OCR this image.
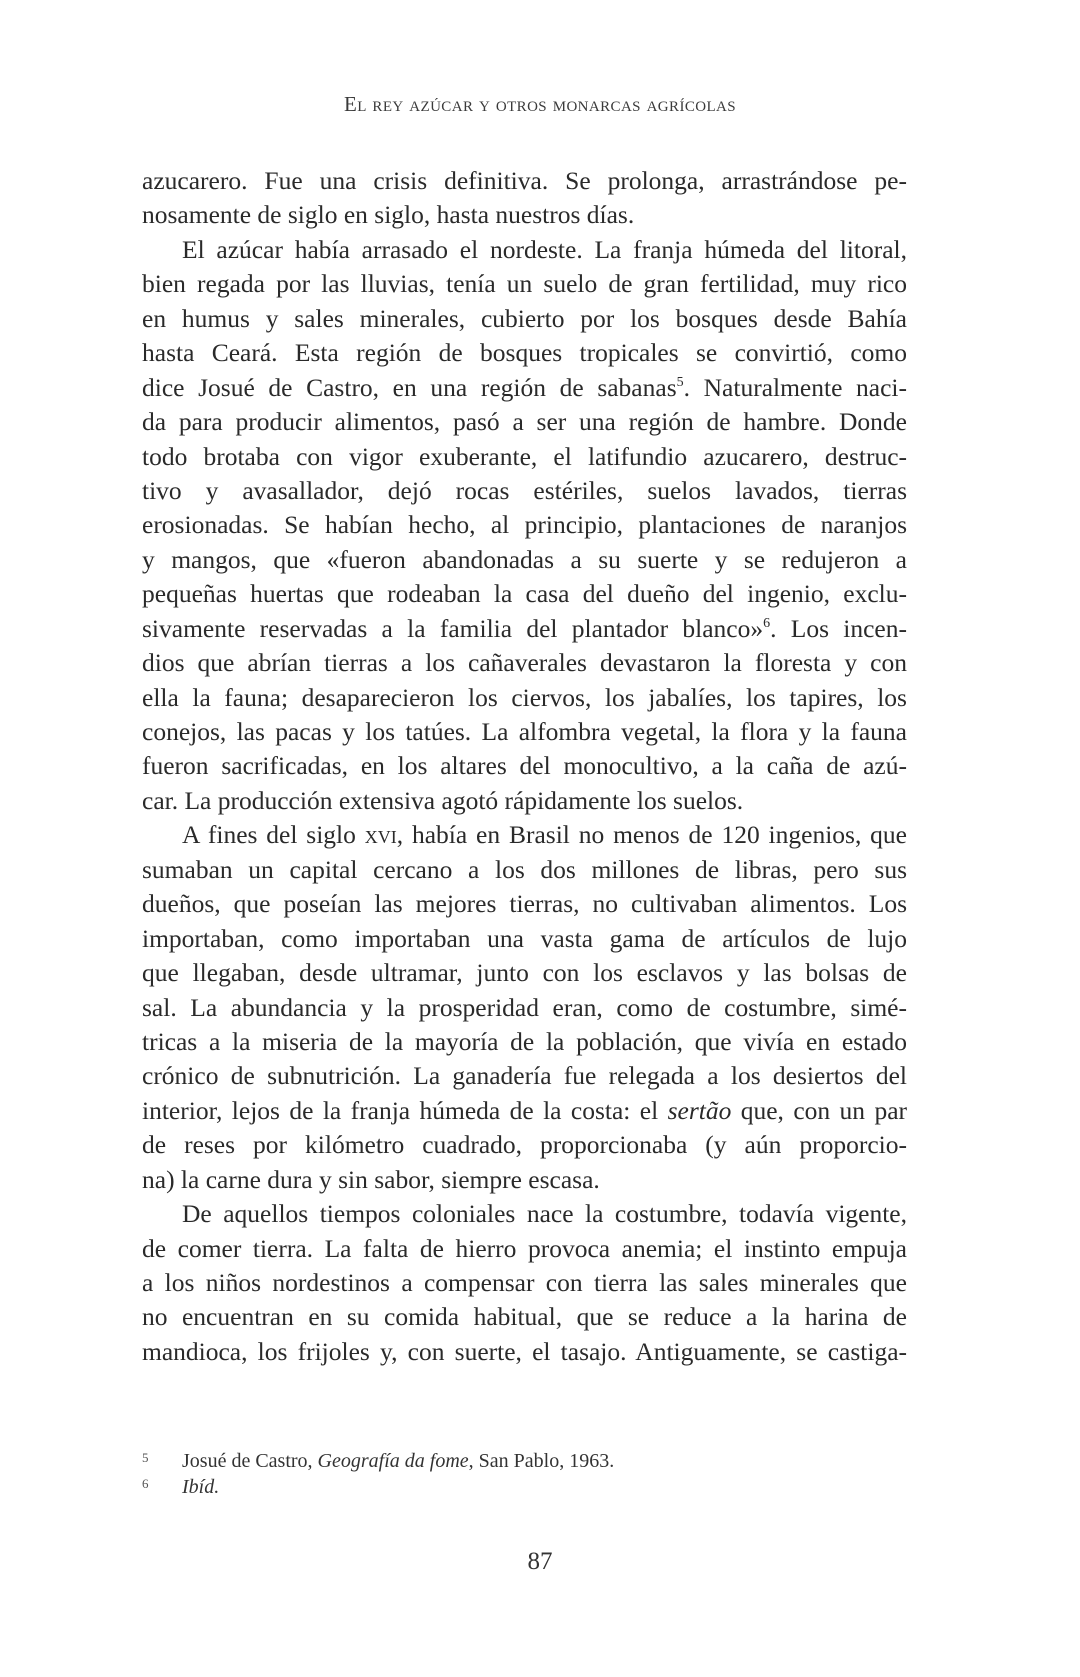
El rey azúcar y otros monarcas agrícolas
azucarero. Fue una crisis definitiva. Se prolonga, arrastrándose pe-
nosamente de siglo en siglo, hasta nuestros días.
El azúcar había arrasado el nordeste. La franja húmeda del litoral,
bien regada por las lluvias, tenía un suelo de gran fertilidad, muy rico
en humus y sales minerales, cubierto por los bosques desde Bahía
hasta Ceará. Esta región de bosques tropicales se convirtió, como
dice Josué de Castro, en una región de sabanas$^5$. Naturalmente naci-
da para producir alimentos, pasó a ser una región de hambre. Donde
todo brotaba con vigor exuberante, el latifundio azucarero, destruc-
tivo y avasallador, dejó rocas estériles, suelos lavados, tierras
erosionadas. Se habían hecho, al principio, plantaciones de naranjos
y mangos, que «fueron abandonadas a su suerte y se redujeron a
pequeñas huertas que rodeaban la casa del dueño del ingenio, exclu-
sivamente reservadas a la familia del plantador blanco»$^6$. Los incen-
dios que abrían tierras a los cañaverales devastaron la floresta y con
ella la fauna; desaparecieron los ciervos, los jabalíes, los tapires, los
conejos, las pacas y los tatúes. La alfombra vegetal, la flora y la fauna
fueron sacrificadas, en los altares del monocultivo, a la caña de azú-
car. La producción extensiva agotó rápidamente los suelos.
A fines del siglo xvi, había en Brasil no menos de 120 ingenios, que
sumaban un capital cercano a los dos millones de libras, pero sus
dueños, que poseían las mejores tierras, no cultivaban alimentos. Los
importaban, como importaban una vasta gama de artículos de lujo
que llegaban, desde ultramar, junto con los esclavos y las bolsas de
sal. La abundancia y la prosperidad eran, como de costumbre, simé-
tricas a la miseria de la mayoría de la población, que vivía en estado
crónico de subnutrición. La ganadería fue relegada a los desiertos del
interior, lejos de la franja húmeda de la costa: el sertão que, con un par
de reses por kilómetro cuadrado, proporcionaba (y aún proporcio-
na) la carne dura y sin sabor, siempre escasa.
De aquellos tiempos coloniales nace la costumbre, todavía vigente,
de comer tierra. La falta de hierro provoca anemia; el instinto empuja
a los niños nordestinos a compensar con tierra las sales minerales que
no encuentran en su comida habitual, que se reduce a la harina de
mandioca, los frijoles y, con suerte, el tasajo. Antiguamente, se castiga-
5	Josué de Castro, Geografía da fome, San Pablo, 1963.
6	Ibíd.
87
